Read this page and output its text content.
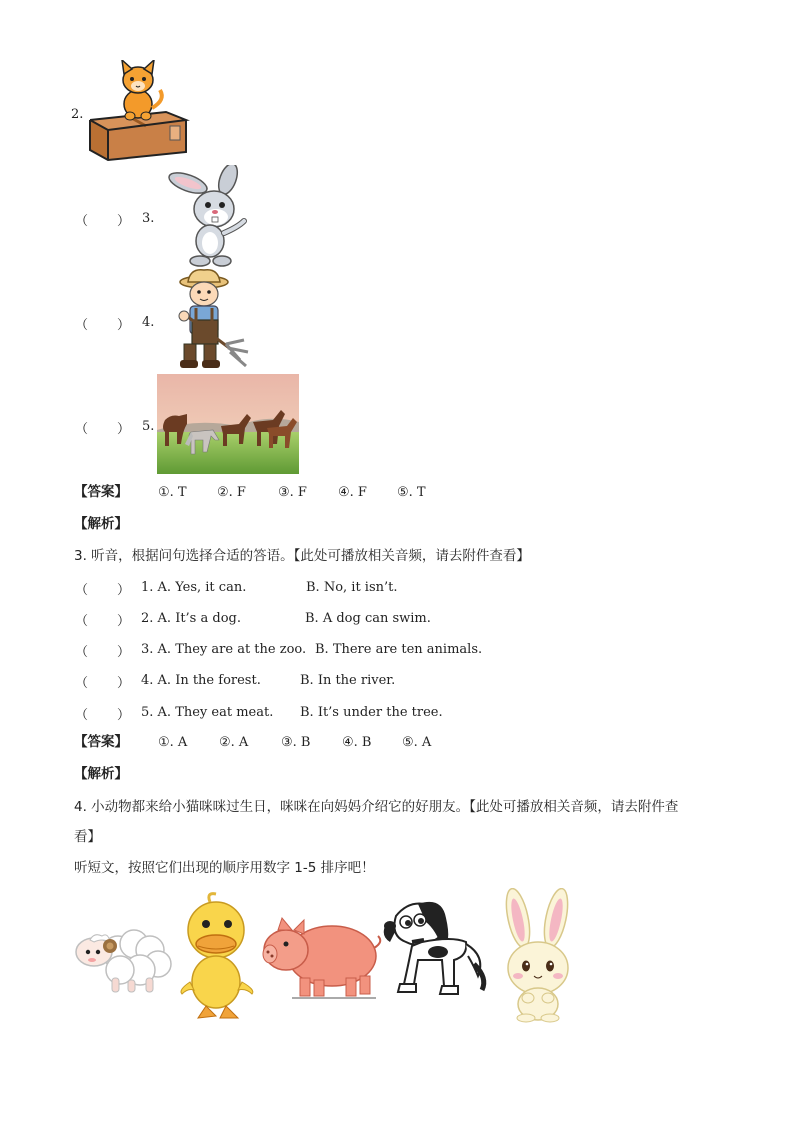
2.
（ ） 3.
（ ） 4.
（ ） 5.
【答案】 ①. T ②. F ③. F ④. F ⑤. T
【解析】
3. 听音，根据问句选择合适的答语。【此处可播放相关音频，请去附件查看】
（ ） 1. A. Yes, it can.	B. No, it isn’t.
（ ） 2. A. It’s a dog.	B. A dog can swim.
（ ） 3. A. They are at the zoo. B. There are ten animals.
（ ） 4. A. In the forest.	B. In the river.
（ ） 5. A. They eat meat. B. It’s under the tree.
【答案】 ①. A ②. A	③. B ④. B ⑤. A
【解析】
4. 小动物都来给小猫咪咪过生日，咪咪在向妈妈介绍它的好朋友。【此处可播放相关音频，请去附件查
看】
听短文，按照它们出现的顺序用数字 1-5 排序吧！
